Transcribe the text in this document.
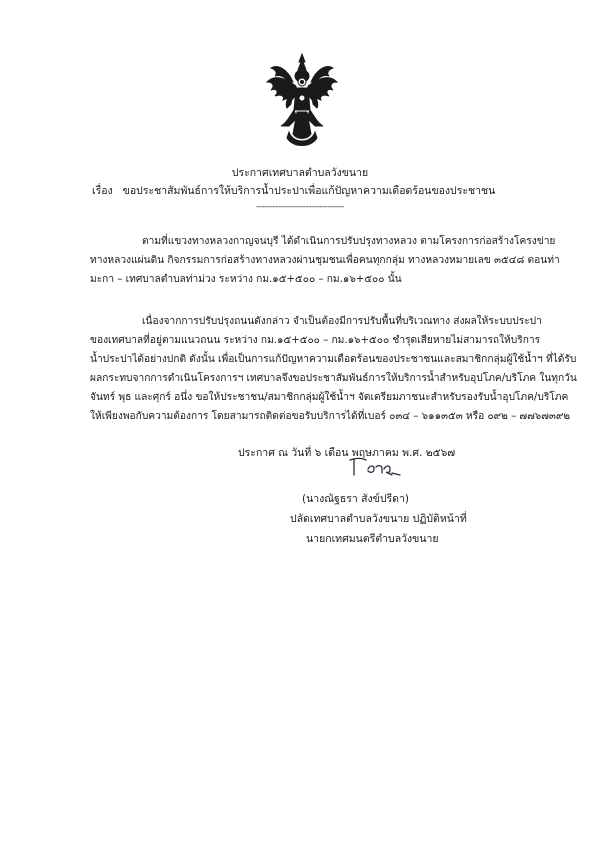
ประกาศเทศบาลตำบลวังขนาย
เรื่อง ขอประชาสัมพันธ์การให้บริการน้ำประปาเพื่อแก้ปัญหาความเดือดร้อนของประชาชน
--------------------------------
ตามที่แขวงทางหลวงกาญจนบุรี ได้ดำเนินการปรับปรุงทางหลวง ตามโครงการก่อสร้างโครงข่าย
ทางหลวงแผ่นดิน กิจกรรมการก่อสร้างทางหลวงผ่านชุมชนเพื่อคนทุกกลุ่ม ทางหลวงหมายเลข ๓๕๔๘ ตอนท่า
มะกา – เทศบาลตำบลท่าม่วง ระหว่าง กม.๑๕+๕๐๐ – กม.๑๖+๕๐๐ นั้น
เนื่องจากการปรับปรุงถนนดังกล่าว จำเป็นต้องมีการปรับพื้นที่บริเวณทาง ส่งผลให้ระบบประปา
ของเทศบาลที่อยู่ตามแนวถนน ระหว่าง กม.๑๕+๕๐๐ – กม.๑๖+๕๐๐ ชำรุดเสียหายไม่สามารถให้บริการ
น้ำประปาได้อย่างปกติ ดังนั้น เพื่อเป็นการแก้ปัญหาความเดือดร้อนของประชาชนและสมาชิกกลุ่มผู้ใช้น้ำฯ ที่ได้รับ
ผลกระทบจากการดำเนินโครงการฯ เทศบาลจึงขอประชาสัมพันธ์การให้บริการน้ำสำหรับอุปโภค/บริโภค ในทุกวัน
จันทร์ พุธ และศุกร์ อนึ่ง ขอให้ประชาชน/สมาชิกกลุ่มผู้ใช้น้ำฯ จัดเตรียมภาชนะสำหรับรองรับน้ำอุปโภค/บริโภค
ให้เพียงพอกับความต้องการ โดยสามารถติดต่อขอรับบริการได้ที่เบอร์ ๐๓๔ – ๖๑๑๓๕๓ หรือ ๐๙๒ – ๗๗๖๗๓๙๒
ประกาศ ณ วันที่ ๖ เดือน พฤษภาคม พ.ศ. ๒๕๖๗
(นางณัฐธรา สังข์ปรีดา)
ปลัดเทศบาลตำบลวังขนาย ปฏิบัติหน้าที่
นายกเทศมนตรีตำบลวังขนาย
